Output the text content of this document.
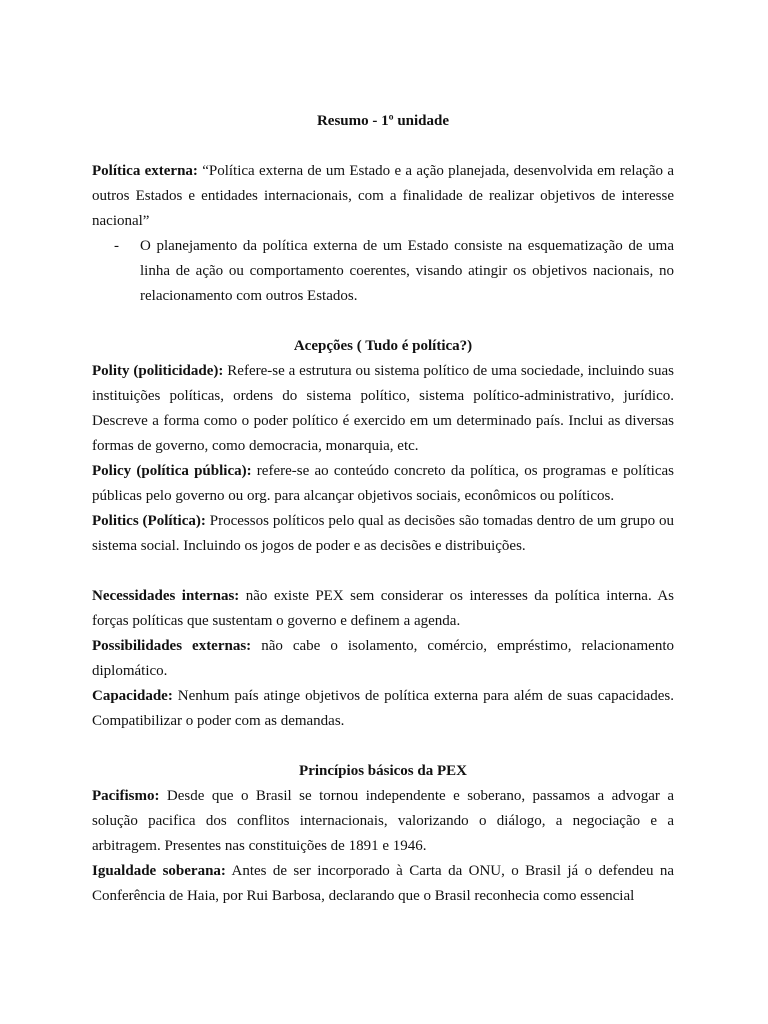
Resumo - 1º unidade
Política externa: “Política externa de um Estado e a ação planejada, desenvolvida em relação a outros Estados e entidades internacionais, com a finalidade de realizar objetivos de interesse nacional”
-	O planejamento da política externa de um Estado consiste na esquematização de uma linha de ação ou comportamento coerentes, visando atingir os objetivos nacionais, no relacionamento com outros Estados.
Acepções ( Tudo é política?)
Polity (politicidade): Refere-se a estrutura ou sistema político de uma sociedade, incluindo suas instituições políticas, ordens do sistema político, sistema político-administrativo, jurídico. Descreve a forma como o poder político é exercido em um determinado país. Inclui as diversas formas de governo, como democracia, monarquia, etc.
Policy (política pública): refere-se ao conteúdo concreto da política, os programas e políticas públicas pelo governo ou org. para alcançar objetivos sociais, econômicos ou políticos.
Politics (Política): Processos políticos pelo qual as decisões são tomadas dentro de um grupo ou sistema social. Incluindo os jogos de poder e as decisões e distribuições.
Necessidades internas: não existe PEX sem considerar os interesses da política interna. As forças políticas que sustentam o governo e definem a agenda.
Possibilidades externas: não cabe o isolamento, comércio, empréstimo, relacionamento diplomático.
Capacidade: Nenhum país atinge objetivos de política externa para além de suas capacidades. Compatibilizar o poder com as demandas.
Princípios básicos da PEX
Pacifismo: Desde que o Brasil se tornou independente e soberano, passamos a advogar a solução pacifica dos conflitos internacionais, valorizando o diálogo, a negociação e a arbitragem. Presentes nas constituições de 1891 e 1946.
Igualdade soberana: Antes de ser incorporado à Carta da ONU, o Brasil já o defendeu na Conferência de Haia, por Rui Barbosa, declarando que o Brasil reconhecia como essencial
